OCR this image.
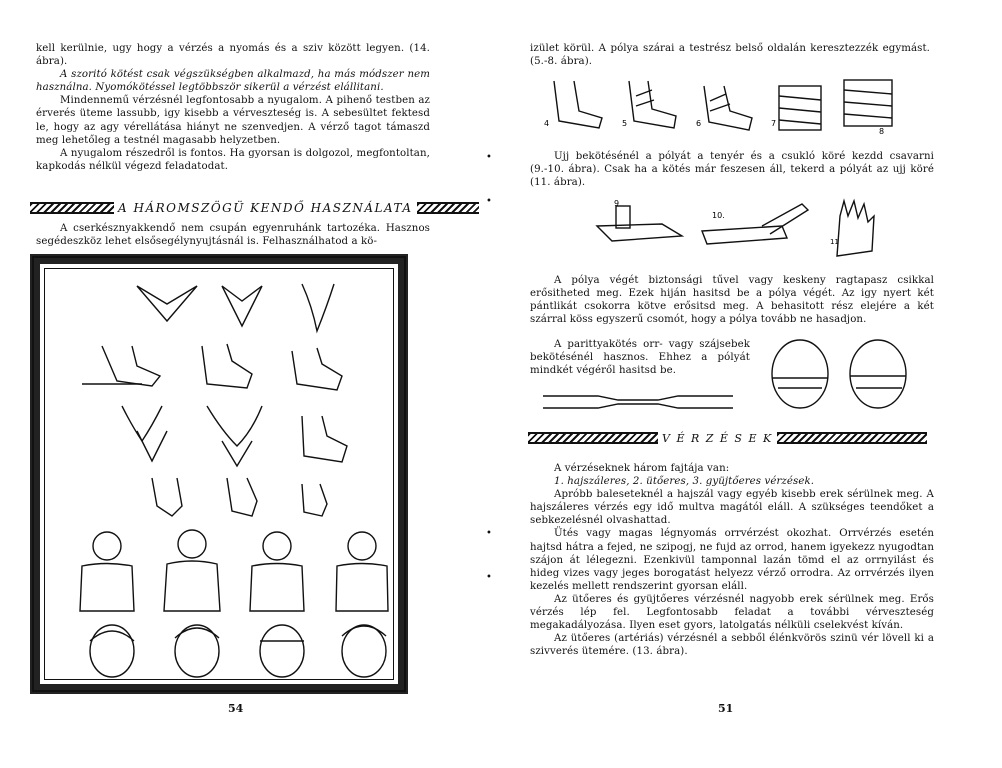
kell kerülnie, ugy hogy a vérzés a nyomás és a sziv között legyen. (14. ábra).

A szoritó kötést csak végszükségben alkalmazd, ha más módszer nem használna. Nyomókötéssel legtöbbször sikerül a vérzést elállitani.

Mindennemű vérzésnél legfontosabb a nyugalom. A pihenő testben az érverés üteme lassubb, igy kisebb a vérveszteség is. A sebesültet fektesd le, hogy az agy vérellátása hiányt ne szenvedjen. A vérző tagot támaszd meg lehetőleg a testnél magasabb helyzetben.

A nyugalom részedről is fontos. Ha gyorsan is dolgozol, megfontoltan, kapkodás nélkül végezd feladatodat.

A HÁROMSZÖGÜ KENDŐ HASZNÁLATA

A cserkésznyakkendő nem csupán egyenruhánk tartozéka. Hasznos segédeszköz lehet elsősegélynyujtásnál is. Felhasználhatod a kö-

54
•
•
•
•

izület körül. A pólya szárai a testrész belső oldalán keresztezzék egymást. (5.-8. ábra).

4	5	6	7
8

Ujj bekötésénél a pólyát a tenyér és a csukló köré kezdd csavarni (9.-10. ábra). Csak ha a kötés már feszesen áll, tekerd a pólyát az ujj köré (11. ábra).

9
10.
11

A pólya végét biztonsági tűvel vagy keskeny ragtapasz csikkal erősitheted meg. Ezek hiján hasitsd be a pólya végét. Az igy nyert két pántlikát csokorra kötve erősitsd meg. A behasitott rész elejére a két szárral köss egyszerű csomót, hogy a pólya tovább ne hasadjon.

A parittyakötés orr- vagy szájsebek bekötésénél hasznos. Ehhez a pólyát mindkét végéről hasitsd be.

V É R Z É S E K

A vérzéseknek három fajtája van:

1. hajszáleres, 2. ütőeres, 3. gyüjtőeres vérzések.

Apróbb baleseteknél a hajszál vagy egyéb kisebb erek sérülnek meg. A hajszáleres vérzés egy idő multva magától eláll. A szükséges teendőket a sebkezelésnél olvashattad.

Ütés vagy magas légnyomás orrvérzést okozhat. Orrvérzés esetén hajtsd hátra a fejed, ne szipogj, ne fujd az orrod, hanem igyekezz nyugodtan szájon át lélegezni. Ezenkivül tamponnal lazán tömd el az orrnyilást és hideg vizes vagy jeges borogatást helyezz vérző orrodra. Az orrvérzés ilyen kezelés mellett rendszerint gyorsan eláll.

Az ütőeres és gyüjtőeres vérzésnél nagyobb erek sérülnek meg. Erős vérzés lép fel. Legfontosabb feladat a további vérveszteség megakadályozása. Ilyen eset gyors, latolgatás nélküli cselekvést kíván.

Az ütőeres (artériás) vérzésnél a sebből élénkvörös szinü vér lövell ki a szivverés ütemére. (13. ábra).

51
